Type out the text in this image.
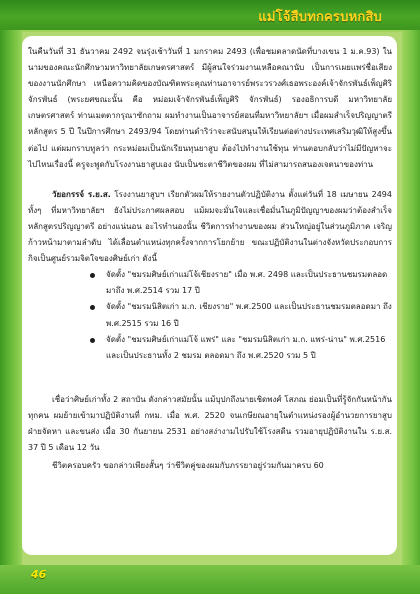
แม่โจ้สืบทกครบหกสิบ
46

ในคืนวันที่ 31 ธันวาคม 2492 จนรุ่งเช้าวันที่ 1 มกราคม 2493 (เพื่อชมตลาดนัดที่บางเขน 1 ม.ค.93) ในนามของคณะนักศึกษามหาวิทยาลัยเกษตรศาสตร์ มีผู้สนใจร่วมงานเหลือคณานับ เป็นการเผยแพร่ชื่อเสียงของงานนักศึกษา เหนือความคิดของบัณฑิตพระคุณท่านอาจารย์พระวรวงศ์เธอพระองค์เจ้าจักรพันธ์เพ็ญศิริ จักรพันธ์ (พระยศขณะนั้น คือ หม่อมเจ้าจักรพันธ์เพ็ญศิริ จักรพันธ์) รองอธิการบดี มหาวิทยาลัยเกษตรศาสตร์ ท่านเมตตากรุณาซักถาม ผมทำงานเป็นอาจารย์สอนที่มหาวิทยาลัยฯ เมื่อผมสำเร็จปริญญาตรีหลักสูตร 5 ปี ในปีการศึกษา 2493/94 โดยท่านดำริว่าจะสนับสนุนให้เรียนต่อต่างประเทศเสริมวุฒิให้สูงขึ้นต่อไป แต่ผมกราบทูลว่า กระหม่อมเป็นนักเรียนทุนยาสูบ ต้องไปทำงานใช้ทุน ท่านตอบกลับว่าไม่มีปัญหาจะไปไหนเรื่องนี้ ครูจะพูดกับโรงงานยาสูบเอง นับเป็นชะตาชีวิตของผม ที่ไม่สามารถสนองเจตนาของท่าน

วัยอกรรจ์ ร.ย.ส. โรงงานยาสูบฯ เรียกตัวผมให้รายงานตัวปฏิบัติงาน ตั้งแต่วันที่ 18 เมษายน 2494 ทั้งๆ ที่มหาวิทยาลัยฯ ยังไม่ประกาศผลสอบ แม้ผมจะมั่นใจและเชื่อมั่นในภูมิปัญญาของผมว่าต้องสำเร็จ หลักสูตรปริญญาตรี อย่างแน่นอน อะไรทำนองนั้น ชีวิตการทำงานของผม ส่วนใหญ่อยู่ในส่วนภูมิภาค เจริญก้าวหน้ามาตามลำดับ ได้เลื่อนตำแหน่งทุกครั้งจากการโยกย้าย ขณะปฏิบัติงานในต่างจังหวัดประกอบการกิจเป็นศูนย์รวมจิตใจของศิษย์เก่า ดังนี้

จัดตั้ง "ชมรมศิษย์เก่าแม่โจ้เชียงราย" เมื่อ พ.ศ. 2498 และเป็นประธานชมรมตลอดมาถึง พ.ศ.2514 รวม 17 ปี
จัดตั้ง "ชมรมนิสิตเก่า ม.ก. เชียงราย" พ.ศ.2500 และเป็นประธานชมรมตลอดมา ถึง พ.ศ.2515 รวม 16 ปี
จัดตั้ง "ชมรมศิษย์เก่าแม่โจ้ แพร่" และ "ชมรมนิสิตเก่า ม.ก. แพร่-น่าน" พ.ศ.2516 และเป็นประธานทั้ง 2 ชมรม ตลอดมา ถึง พ.ศ.2520 รวม 5 ปี

เชื่อว่าศิษย์เก่าทั้ง 2 สถาบัน ดังกล่าวสมัยนั้น แม้บุปกถึงนายเชิดพงศ์ โสภณ ย่อมเป็นที่รู้จักกันหน้ากันทุกคน ผมย้ายเข้ามาปฏิบัติงานที่ กทม. เมื่อ พ.ศ. 2520 จนเกษียณอายุในตำแหน่งรองผู้อำนวยการยาสูบ ฝ่ายจัดหา และขนส่ง เมื่อ 30 กันยายน 2531 อย่างสง่างามไปรับใช้โรงสดีน รวมอายุปฏิบัติงานใน ร.ย.ส. 37 ปี 5 เดือน 12 วัน

ชีวิตครอบครัว ขอกล่าวเพียงสั้นๆ ว่าชีวิตคู่ของผมกับภรรยาอยู่ร่วมกันมาครบ 60
